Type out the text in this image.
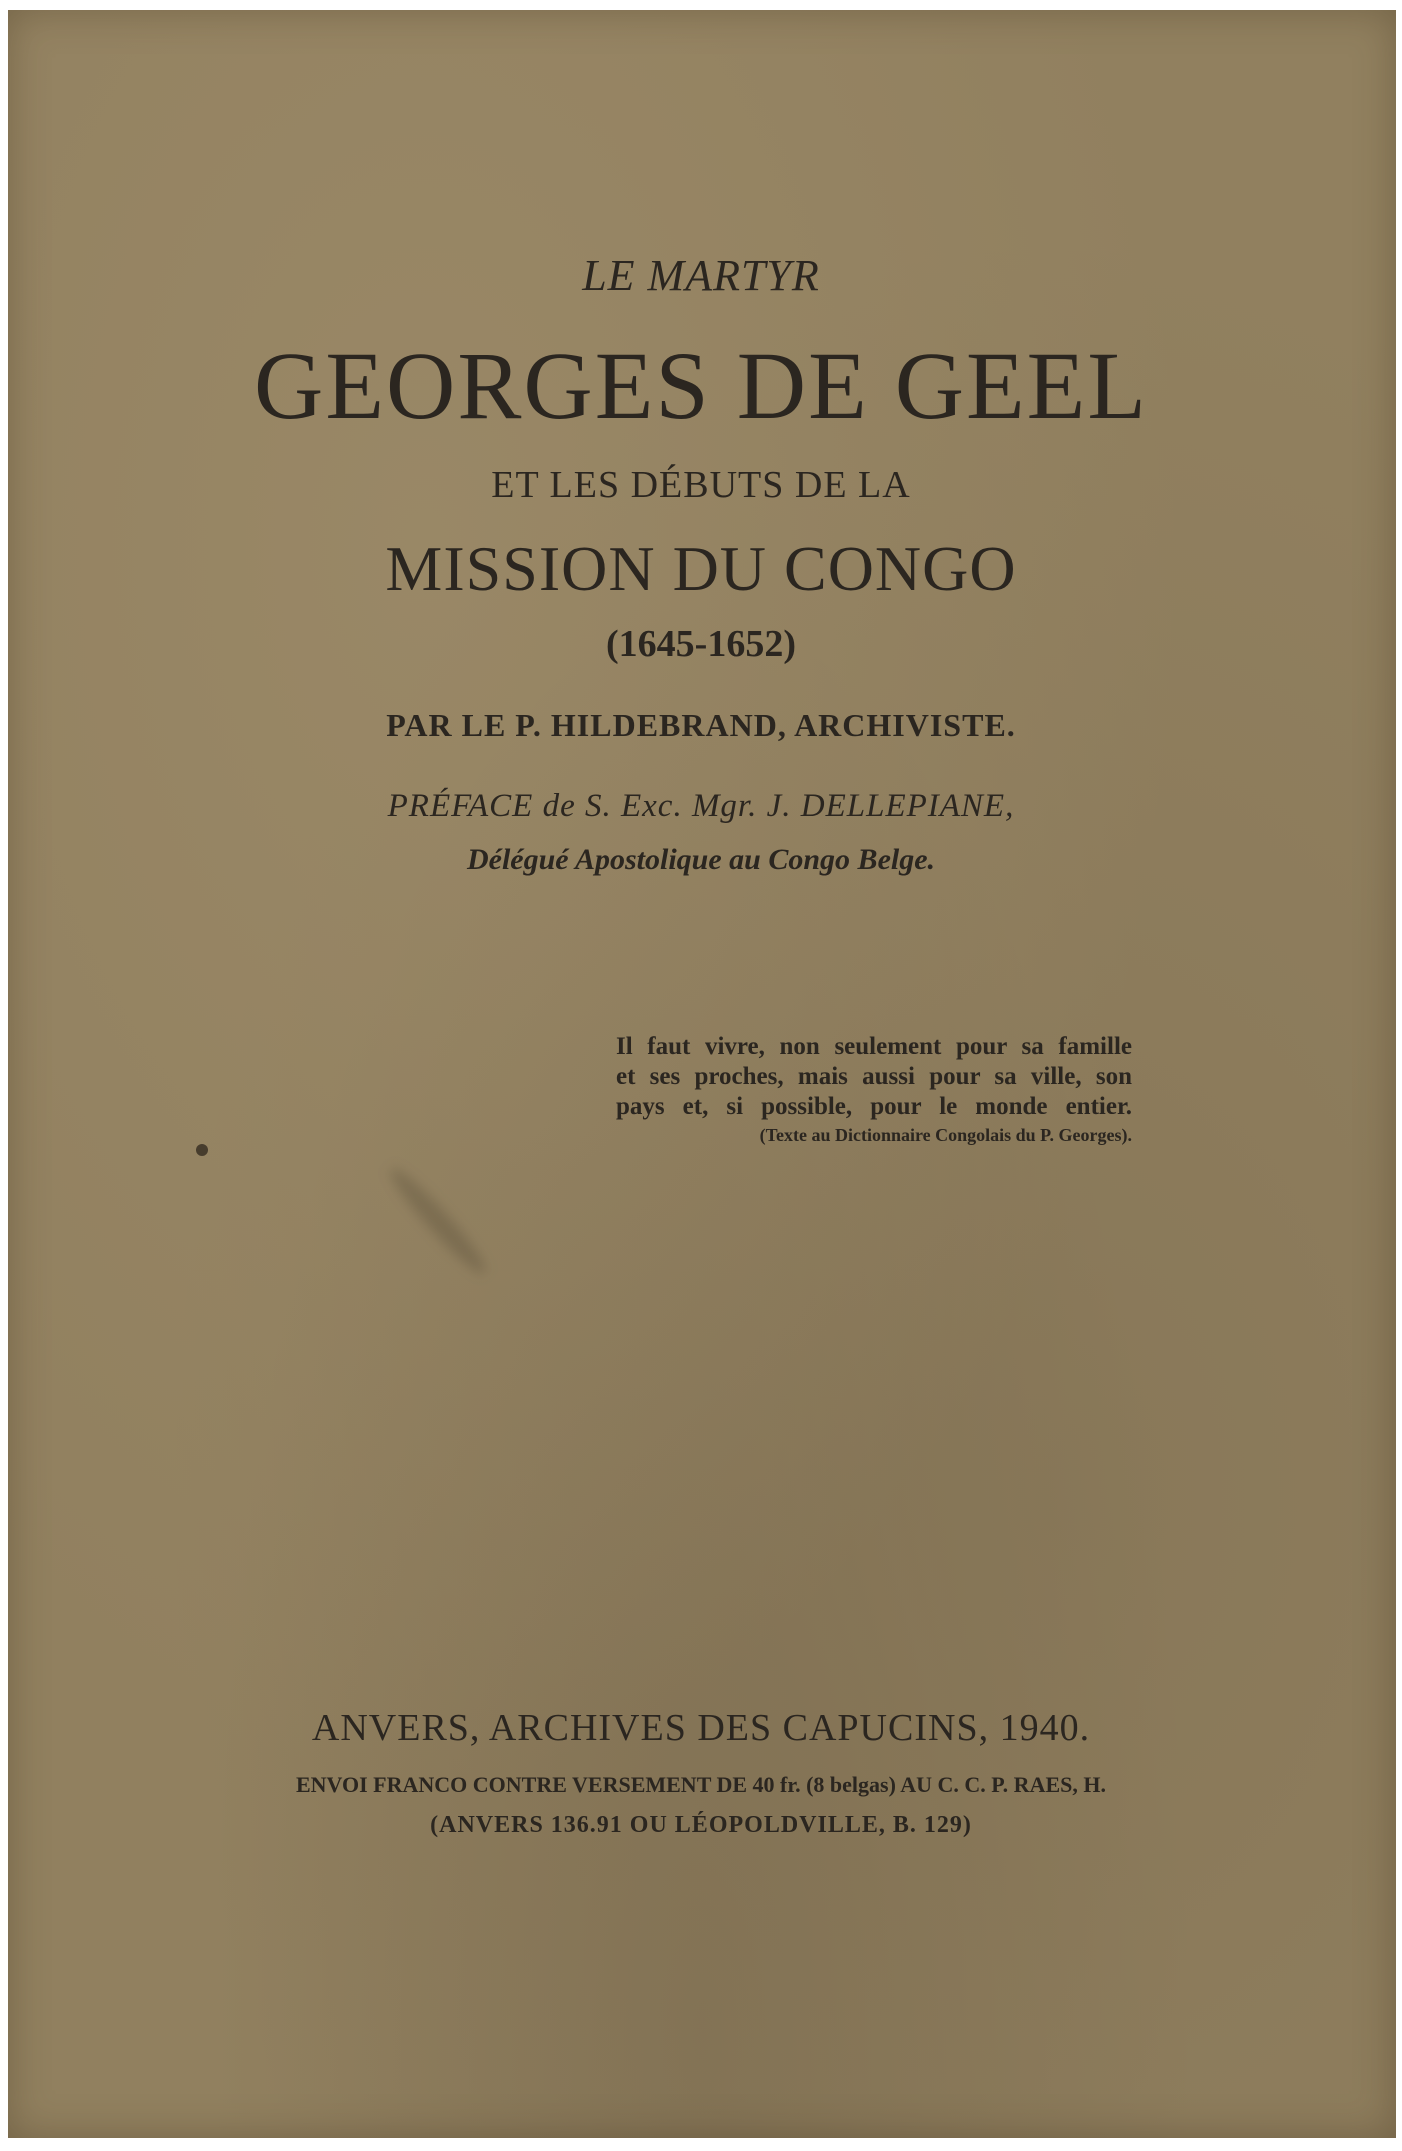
LE MARTYR
GEORGES DE GEEL
ET LES DÉBUTS DE LA
MISSION DU CONGO
(1645-1652)
PAR LE P. HILDEBRAND, ARCHIVISTE.
PRÉFACE de S. Exc. Mgr. J. DELLEPIANE,
Délégué Apostolique au Congo Belge.
Il faut vivre, non seulement pour sa famille
et ses proches, mais aussi pour sa ville, son
pays et, si possible, pour le monde entier.
(Texte au Dictionnaire Congolais du P. Georges).
ANVERS, ARCHIVES DES CAPUCINS, 1940.
ENVOI FRANCO CONTRE VERSEMENT DE 40 fr. (8 belgas) AU C. C. P. RAES, H.
(ANVERS 136.91 OU LÉOPOLDVILLE, B. 129)
